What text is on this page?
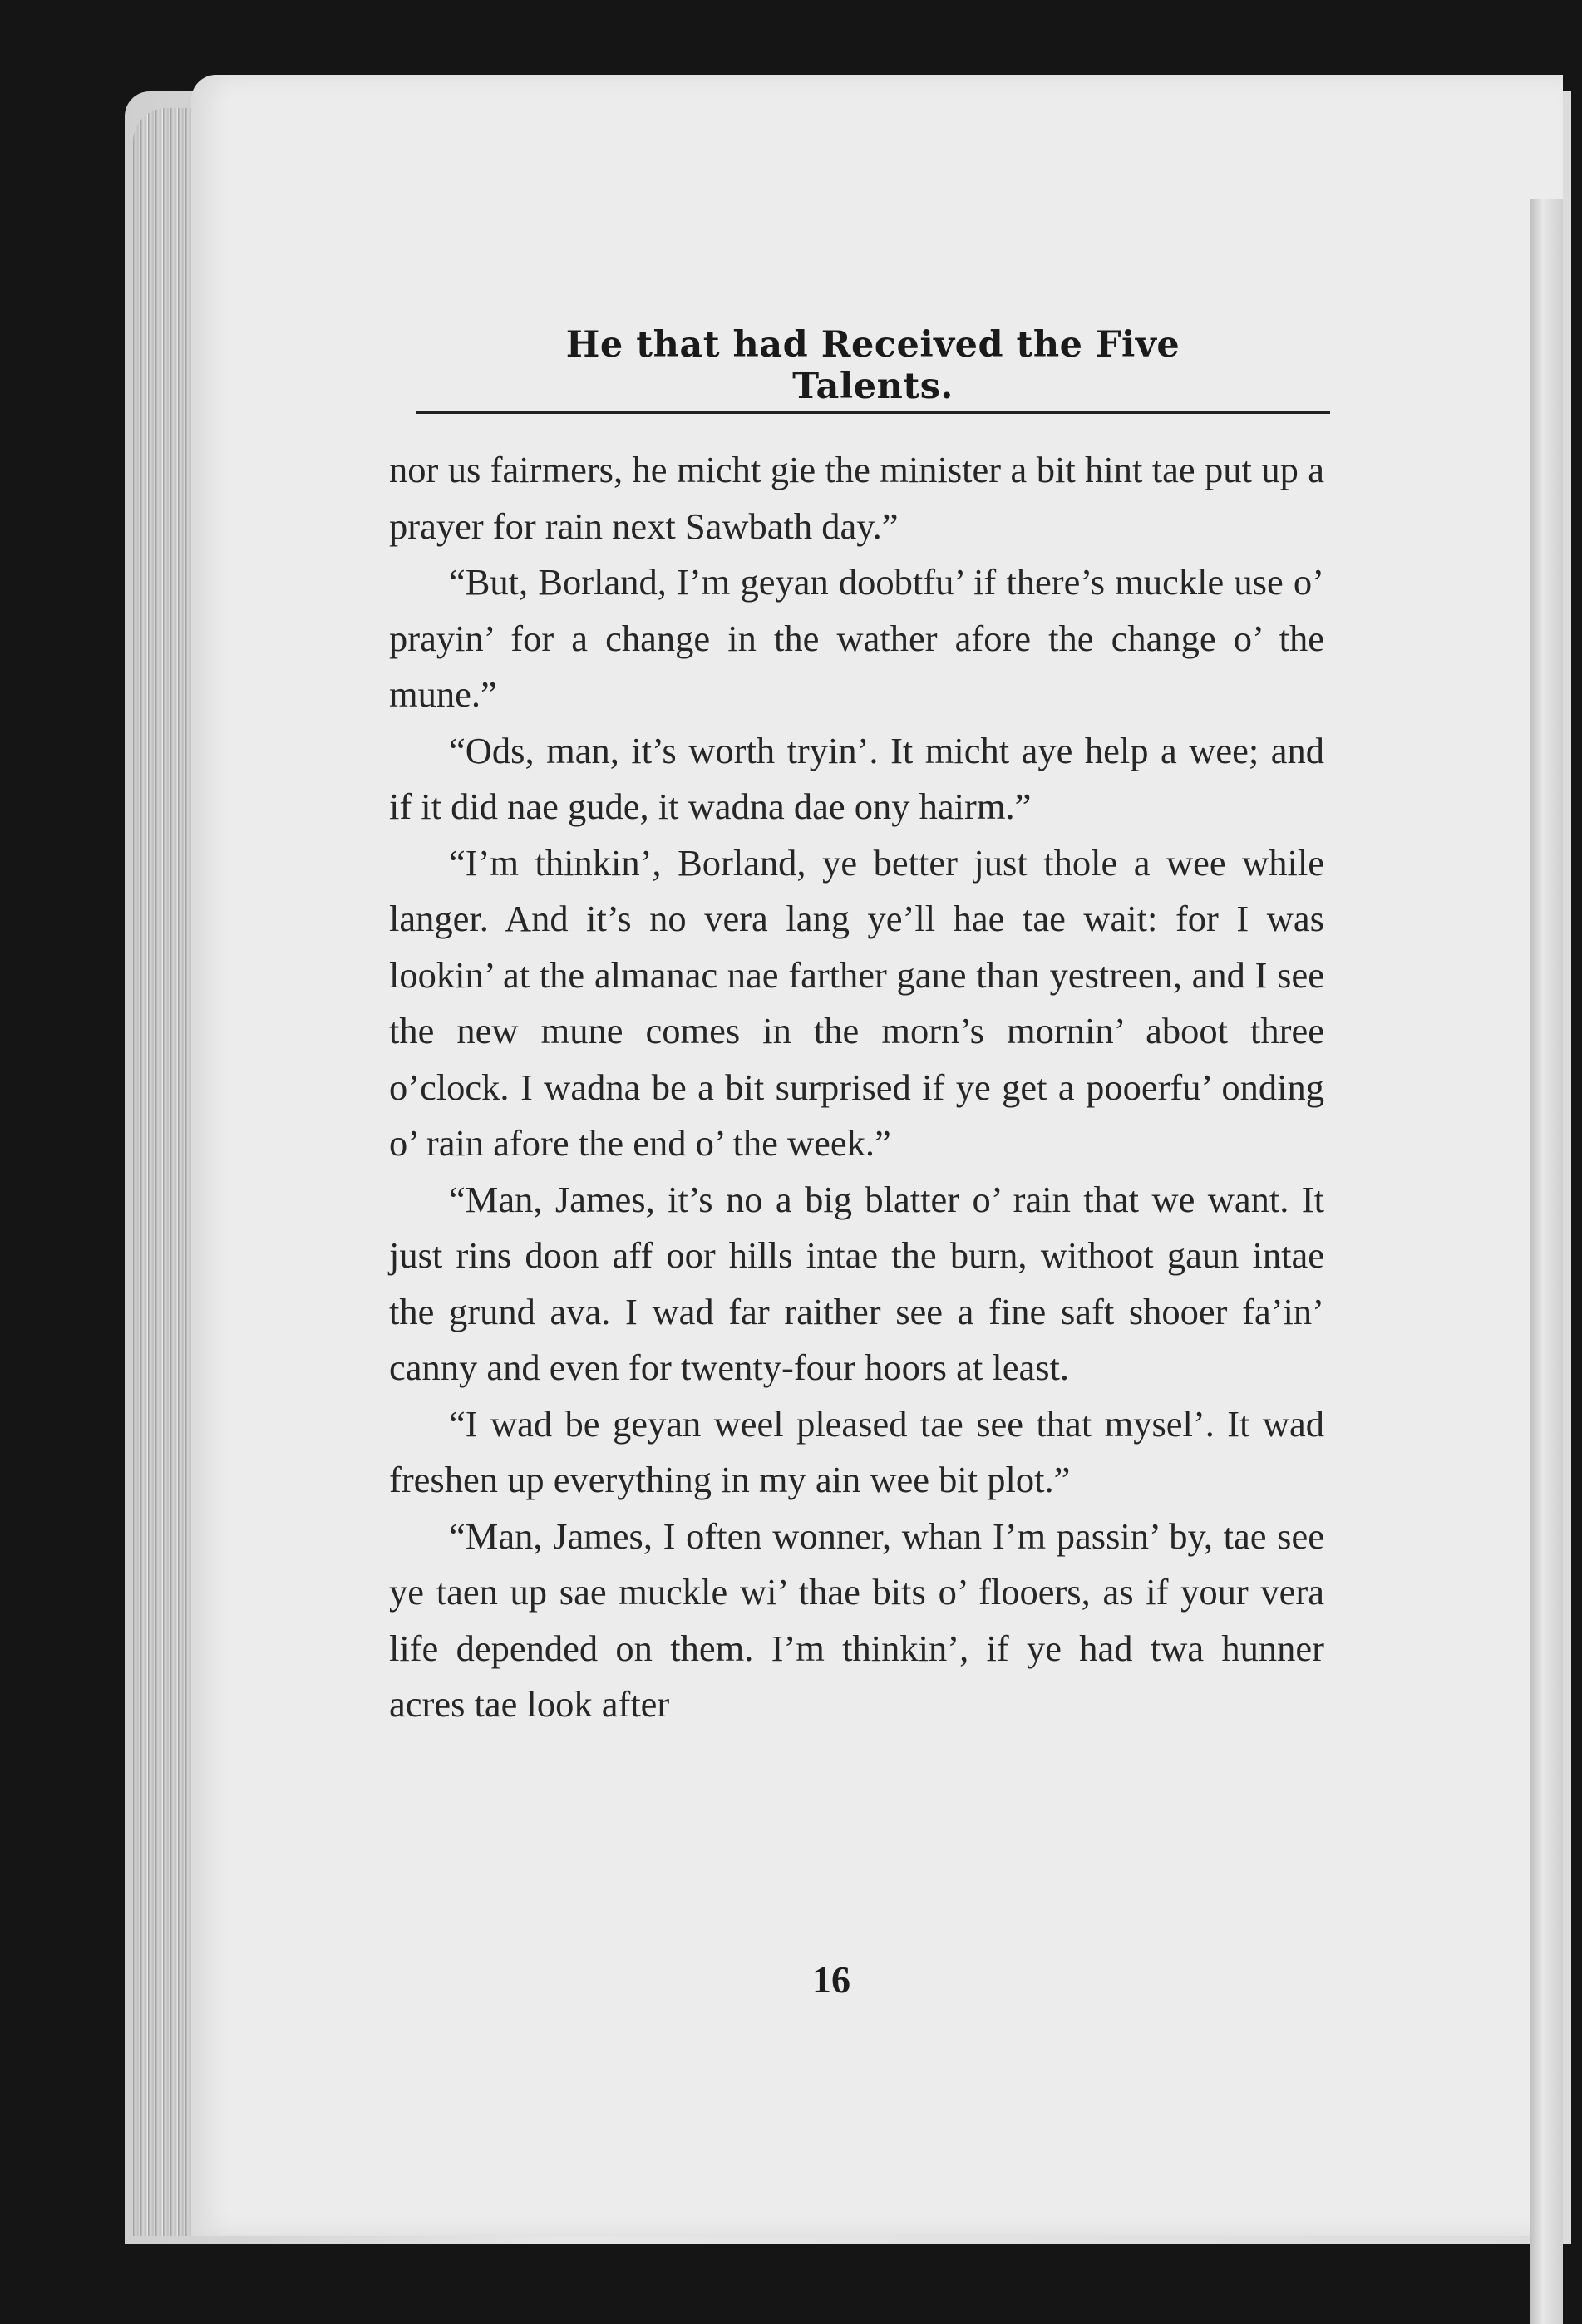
He that had Received the Five Talents.

nor us fairmers, he micht gie the minister a bit hint tae put up a prayer for rain next Sawbath day.”

“But, Borland, I’m geyan doobtfu’ if there’s muckle use o’ prayin’ for a change in the wather afore the change o’ the mune.”

“Ods, man, it’s worth tryin’. It micht aye help a wee; and if it did nae gude, it wadna dae ony hairm.”

“I’m thinkin’, Borland, ye better just thole a wee while langer. And it’s no vera lang ye’ll hae tae wait: for I was lookin’ at the almanac nae farther gane than yestreen, and I see the new mune comes in the morn’s mornin’ aboot three o’clock. I wadna be a bit surprised if ye get a pooerfu’ onding o’ rain afore the end o’ the week.”

“Man, James, it’s no a big blatter o’ rain that we want. It just rins doon aff oor hills intae the burn, withoot gaun intae the grund ava. I wad far raither see a fine saft shooer fa’in’ canny and even for twenty-four hoors at least.

“I wad be geyan weel pleased tae see that mysel’. It wad freshen up everything in my ain wee bit plot.”

“Man, James, I often wonner, whan I’m passin’ by, tae see ye taen up sae muckle wi’ thae bits o’ flooers, as if your vera life depended on them. I’m thinkin’, if ye had twa hunner acres tae look after

16
